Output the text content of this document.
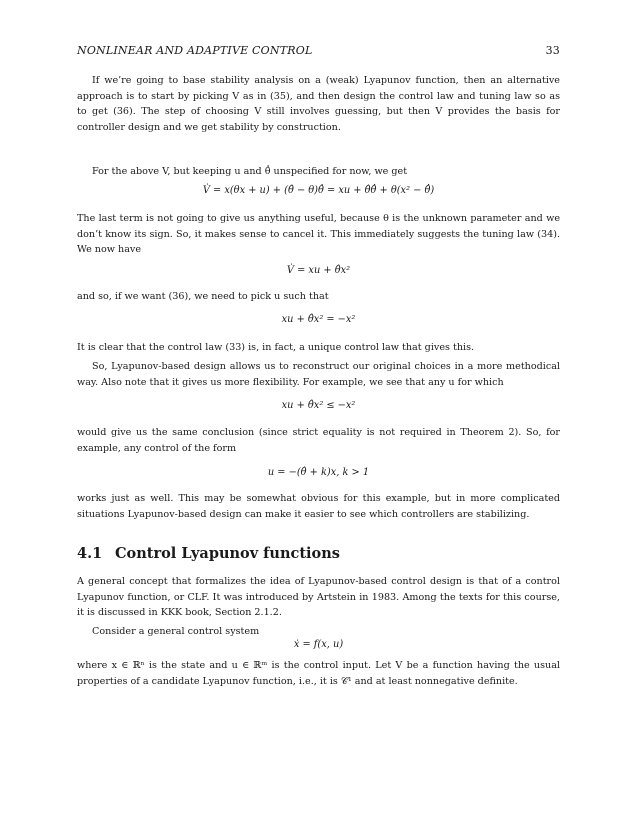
NONLINEAR AND ADAPTIVE CONTROL	33

If we’re going to base stability analysis on a (weak) Lyapunov function, then an alternative approach is to start by picking V as in (35), and then design the control law and tuning law so as to get (36). The step of choosing V still involves guessing, but then V provides the basis for controller design and we get stability by construction.

For the above V, but keeping u and θ̂̇ unspecified for now, we get

V̇ = x(θx + u) + (θ̂ − θ)θ̂̇ = xu + θ̂θ̂̇ + θ(x² − θ̂̇)

The last term is not going to give us anything useful, because θ is the unknown parameter and we don’t know its sign. So, it makes sense to cancel it. This immediately suggests the tuning law (34). We now have

V̇ = xu + θ̂x²

and so, if we want (36), we need to pick u such that

xu + θ̂x² = −x²

It is clear that the control law (33) is, in fact, a unique control law that gives this.

So, Lyapunov-based design allows us to reconstruct our original choices in a more methodical way. Also note that it gives us more flexibility. For example, we see that any u for which

xu + θ̂x² ≤ −x²

would give us the same conclusion (since strict equality is not required in Theorem 2). So, for example, any control of the form

u = −(θ̂ + k)x, k > 1

works just as well. This may be somewhat obvious for this example, but in more complicated situations Lyapunov-based design can make it easier to see which controllers are stabilizing.

4.1 Control Lyapunov functions

A general concept that formalizes the idea of Lyapunov-based control design is that of a control Lyapunov function, or CLF. It was introduced by Artstein in 1983. Among the texts for this course, it is discussed in KKK book, Section 2.1.2.

Consider a general control system

ẋ = f(x, u)

where x ∈ ℝⁿ is the state and u ∈ ℝᵐ is the control input. Let V be a function having the usual properties of a candidate Lyapunov function, i.e., it is 𝒞¹ and at least nonnegative definite.
